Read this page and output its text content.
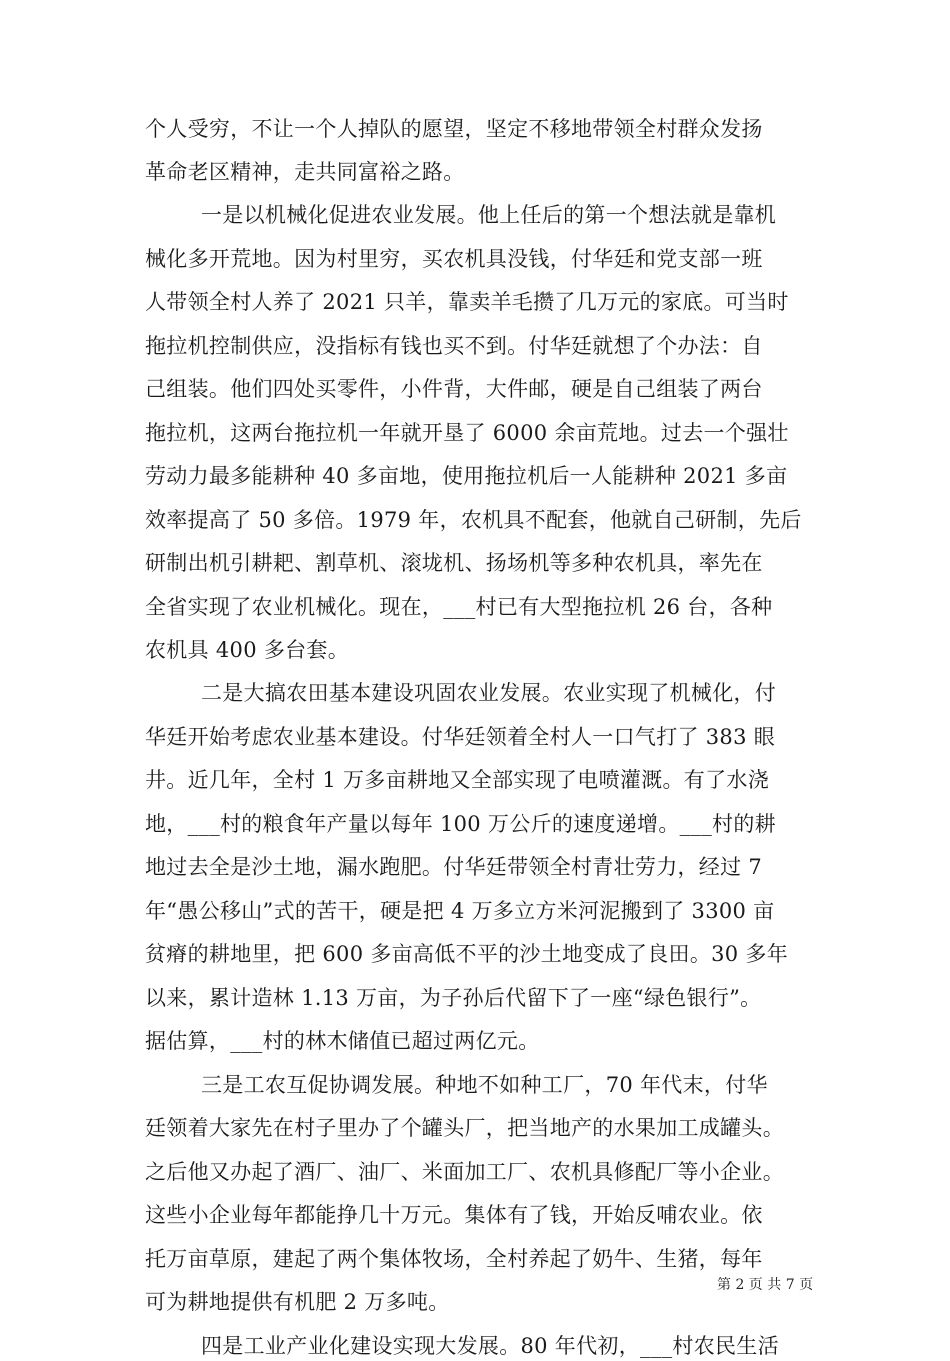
个人受穷，不让一个人掉队的愿望，坚定不移地带领全村群众发扬
革命老区精神，走共同富裕之路。
一是以机械化促进农业发展。他上任后的第一个想法就是靠机
械化多开荒地。因为村里穷，买农机具没钱，付华廷和党支部一班
人带领全村人养了 2021 只羊，靠卖羊毛攒了几万元的家底。可当时
拖拉机控制供应，没指标有钱也买不到。付华廷就想了个办法：自
己组装。他们四处买零件，小件背，大件邮，硬是自己组装了两台
拖拉机，这两台拖拉机一年就开垦了 6000 余亩荒地。过去一个强壮
劳动力最多能耕种 40 多亩地，使用拖拉机后一人能耕种 2021 多亩
效率提高了 50 多倍。1979 年，农机具不配套，他就自己研制，先后
研制出机引耕耙、割草机、滚垅机、扬场机等多种农机具，率先在
全省实现了农业机械化。现在，___村已有大型拖拉机 26 台，各种
农机具 400 多台套。
二是大搞农田基本建设巩固农业发展。农业实现了机械化，付
华廷开始考虑农业基本建设。付华廷领着全村人一口气打了 383 眼
井。近几年，全村 1 万多亩耕地又全部实现了电喷灌溉。有了水浇
地，___村的粮食年产量以每年 100 万公斤的速度递增。___村的耕
地过去全是沙土地，漏水跑肥。付华廷带领全村青壮劳力，经过 7
年“愚公移山”式的苦干，硬是把 4 万多立方米河泥搬到了 3300 亩
贫瘠的耕地里，把 600 多亩高低不平的沙土地变成了良田。30 多年
以来，累计造林 1.13 万亩，为子孙后代留下了一座“绿色银行”。
据估算，___村的林木储值已超过两亿元。
三是工农互促协调发展。种地不如种工厂，70 年代末，付华
廷领着大家先在村子里办了个罐头厂，把当地产的水果加工成罐头。
之后他又办起了酒厂、油厂、米面加工厂、农机具修配厂等小企业。
这些小企业每年都能挣几十万元。集体有了钱，开始反哺农业。依
托万亩草原，建起了两个集体牧场，全村养起了奶牛、生猪，每年
可为耕地提供有机肥 2 万多吨。
四是工业产业化建设实现大发展。80 年代初，___村农民生活
第 2 页 共 7 页
